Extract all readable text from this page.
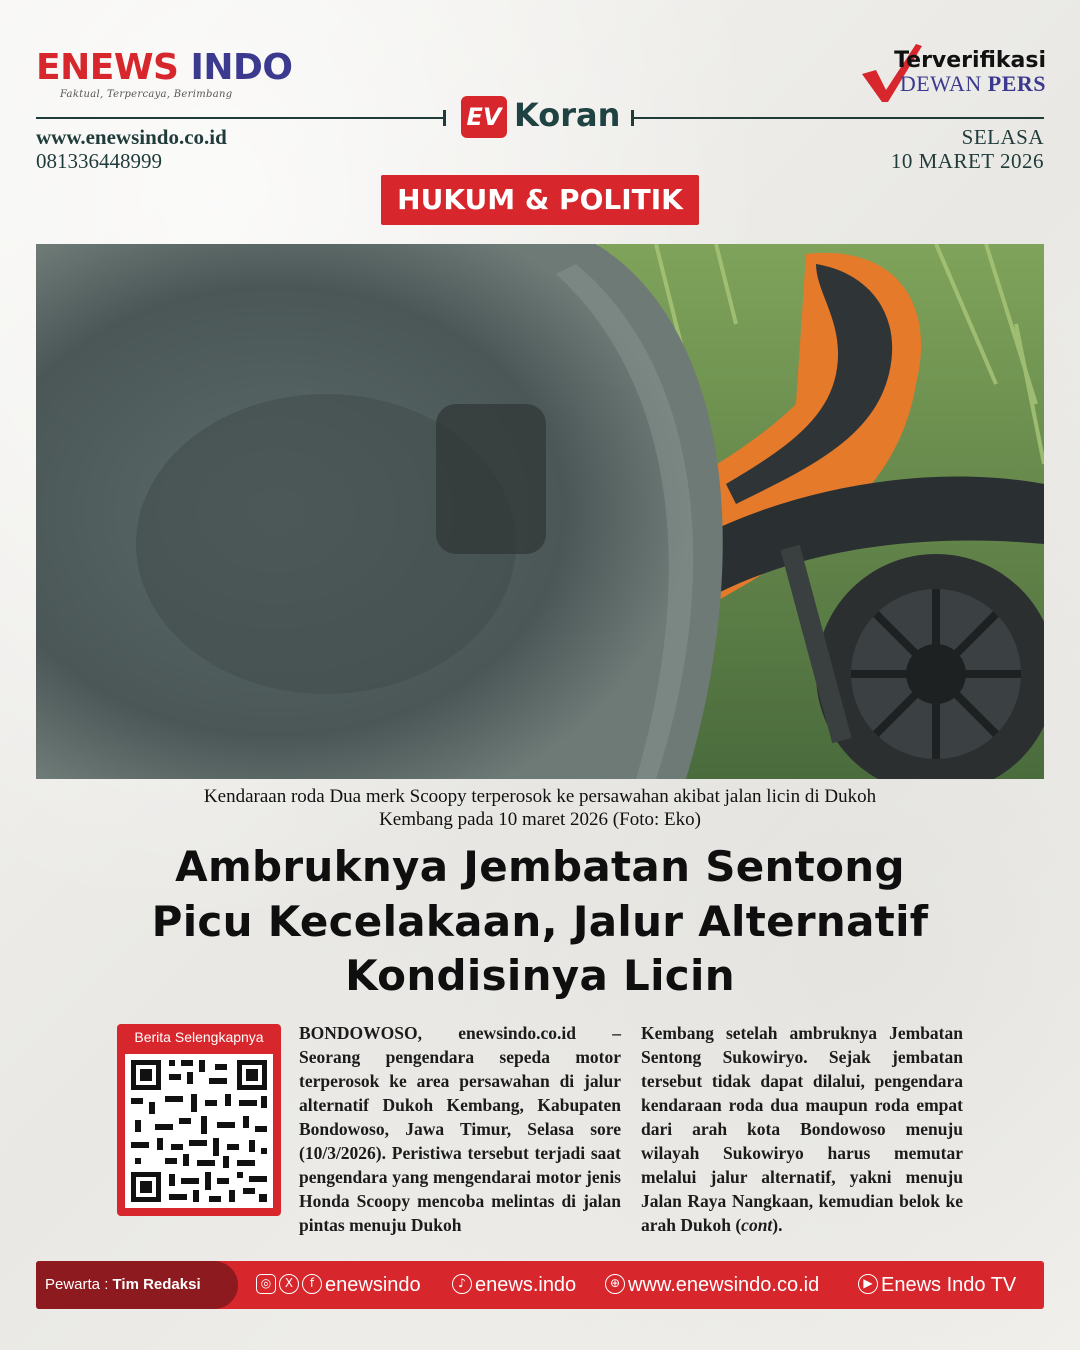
ENEWS INDO
Faktual, Terpercaya, Berimbang
Terverifikasi
DEWAN PERS
EV Koran
www.enewsindo.co.id
081336448999
SELASA
10 MARET 2026
HUKUM & POLITIK
Kendaraan roda Dua merk Scoopy terperosok ke persawahan akibat jalan licin di Dukoh
Kembang pada 10 maret 2026 (Foto: Eko)
Ambruknya Jembatan Sentong
Picu Kecelakaan, Jalur Alternatif
Kondisinya Licin
Berita Selengkapnya	BONDOWOSO, enewsindo.co.id – Seorang pengendara sepeda motor terperosok ke area persawahan di jalur alternatif Dukoh Kembang, Kabupaten Bondowoso, Jawa Timur, Selasa sore (10/3/2026). Peristiwa tersebut terjadi saat pengendara yang mengendarai motor jenis Honda Scoopy mencoba melintas di jalan pintas menuju Dukoh
Kembang setelah ambruknya Jembatan Sentong Sukowiryo. Sejak jembatan tersebut tidak dapat dilalui, pengendara kendaraan roda dua maupun roda empat dari arah kota Bondowoso menuju wilayah Sukowiryo harus memutar melalui jalur alternatif, yakni menuju Jalan Raya Nangkaan, kemudian belok ke arah Dukoh (cont).
Pewarta : Tim Redaksi	◎ X f enewsindo	♪ enews.indo	⊕ www.enewsindo.co.id	▶ Enews Indo TV
